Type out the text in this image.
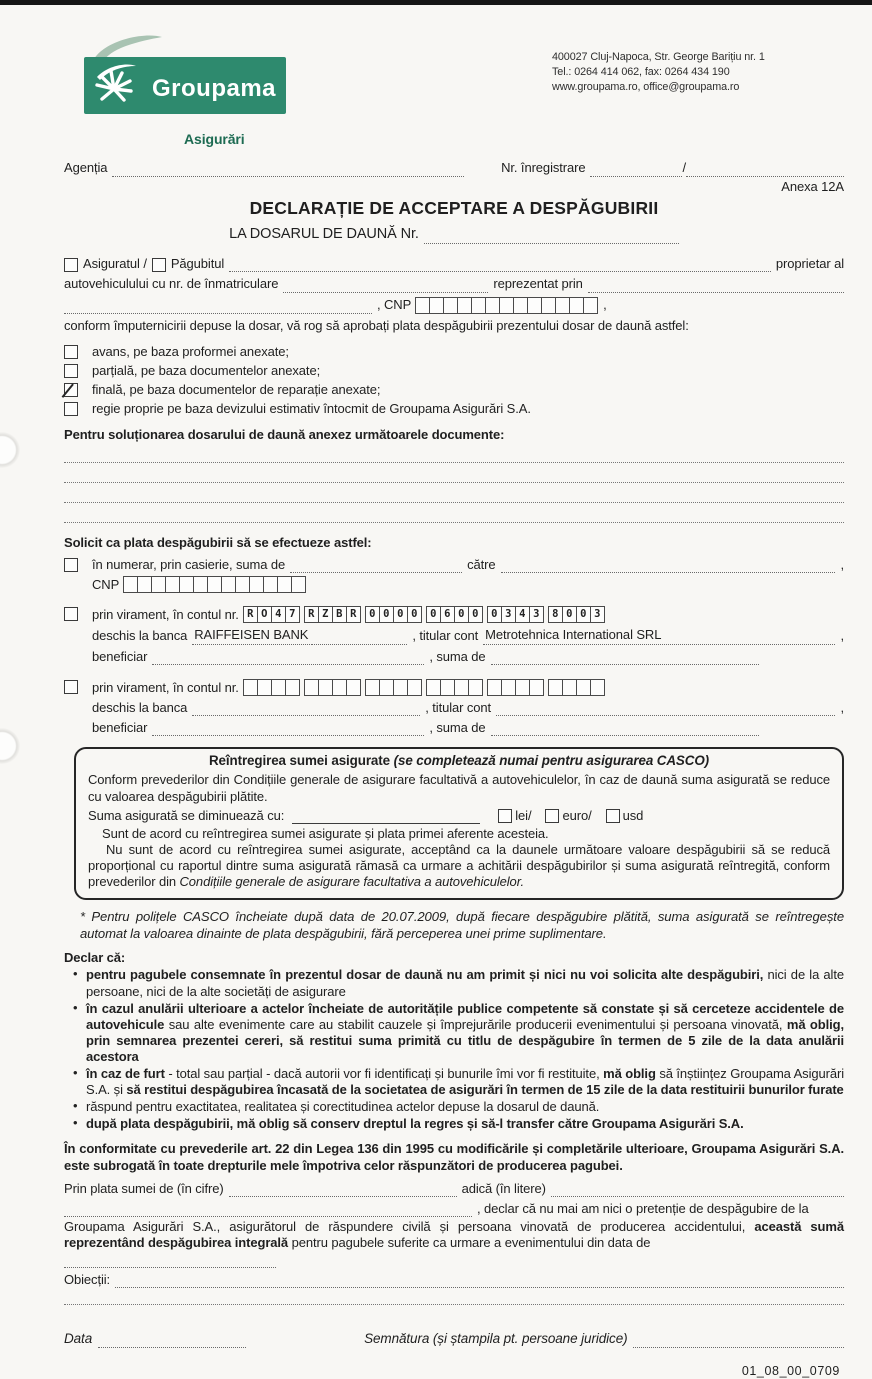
Groupama
Asigurări
400027 Cluj-Napoca, Str. George Barițiu nr. 1
Tel.: 0264 414 062, fax: 0264 434 190
www.groupama.ro, office@groupama.ro
Agenția	Nr. înregistrare	/
Anexa 12A
DECLARAȚIE DE ACCEPTARE A DESPĂGUBIRII
LA DOSARUL DE DAUNĂ Nr.
Asiguratul / Păgubitul	proprietar al
autovehiculului cu nr. de înmatriculare	reprezentat prin
, CNP	,
conform împuternicirii depuse la dosar, vă rog să aprobați plata despăgubirii prezentului dosar de daună astfel:
avans, pe baza proformei anexate;
parțială, pe baza documentelor anexate;
finală, pe baza documentelor de reparație anexate;
regie proprie pe baza devizului estimativ întocmit de Groupama Asigurări S.A.
Pentru soluționarea dosarului de daună anexez următoarele documente:
Solicit ca plata despăgubirii să se efectueze astfel:
în numerar, prin casierie, suma de	către	,
CNP
prin virament, în contul nr. R O 4 7	R Z B R	0 0 0 0	0 6 0 0	0 3 4 3	8 0 0 3
deschis la banca RAIFFEISEN BANK	, titular cont Metrotehnica International SRL	,
beneficiar	, suma de
prin virament, în contul nr.
deschis la banca	, titular cont	,
beneficiar	, suma de
Reîntregirea sumei asigurate (se completează numai pentru asigurarea CASCO)
Conform prevederilor din Condițiile generale de asigurare facultativă a autovehiculelor, în caz de daună suma asigurată se reduce cu valoarea despăgubirii plătite.
Suma asigurată se diminuează cu:	lei/ euro/ usd
Sunt de acord cu reîntregirea sumei asigurate și plata primei aferente acesteia.
Nu sunt de acord cu reîntregirea sumei asigurate, acceptând ca la daunele următoare valoare despăgubirii să se reducă proporțional cu raportul dintre suma asigurată rămasă ca urmare a achitării despăgubirilor și suma asigurată reîntregită, conform prevederilor din Condițiile generale de asigurare facultativa a autovehiculelor.
* Pentru polițele CASCO încheiate după data de 20.07.2009, după fiecare despăgubire plătită, suma asigurată se reîntregește automat la valoarea dinainte de plata despăgubirii, fără perceperea unei prime suplimentare.
Declar că:
• pentru pagubele consemnate în prezentul dosar de daună nu am primit și nici nu voi solicita alte despăgubiri, nici de la alte persoane, nici de la alte societăți de asigurare
• în cazul anulării ulterioare a actelor încheiate de autoritățile publice competente să constate și să cerceteze accidentele de autovehicule sau alte evenimente care au stabilit cauzele și împrejurările producerii evenimentului și persoana vinovată, mă oblig, prin semnarea prezentei cereri, să restitui suma primită cu titlu de despăgubire în termen de 5 zile de la data anulării acestora
• în caz de furt - total sau parțial - dacă autorii vor fi identificați și bunurile îmi vor fi restituite, mă oblig să înștiințez Groupama Asigurări S.A. și să restitui despăgubirea încasată de la societatea de asigurări în termen de 15 zile de la data restituirii bunurilor furate
• răspund pentru exactitatea, realitatea și corectitudinea actelor depuse la dosarul de daună.
• după plata despăgubirii, mă oblig să conserv dreptul la regres și să-l transfer către Groupama Asigurări S.A.
În conformitate cu prevederile art. 22 din Legea 136 din 1995 cu modificările și completările ulterioare, Groupama Asigurări S.A. este subrogată în toate drepturile mele împotriva celor răspunzători de producerea pagubei.
Prin plata sumei de (în cifre)	adică (în litere)
, declar că nu mai am nici o pretenție de despăgubire de la
Groupama Asigurări S.A., asigurătorul de răspundere civilă și persoana vinovată de producerea accidentului, această sumă reprezentând despăgubirea integrală pentru pagubele suferite ca urmare a evenimentului din data de
Obiecții:
Data	Semnătura (și ștampila pt. persoane juridice)
01_08_00_0709
